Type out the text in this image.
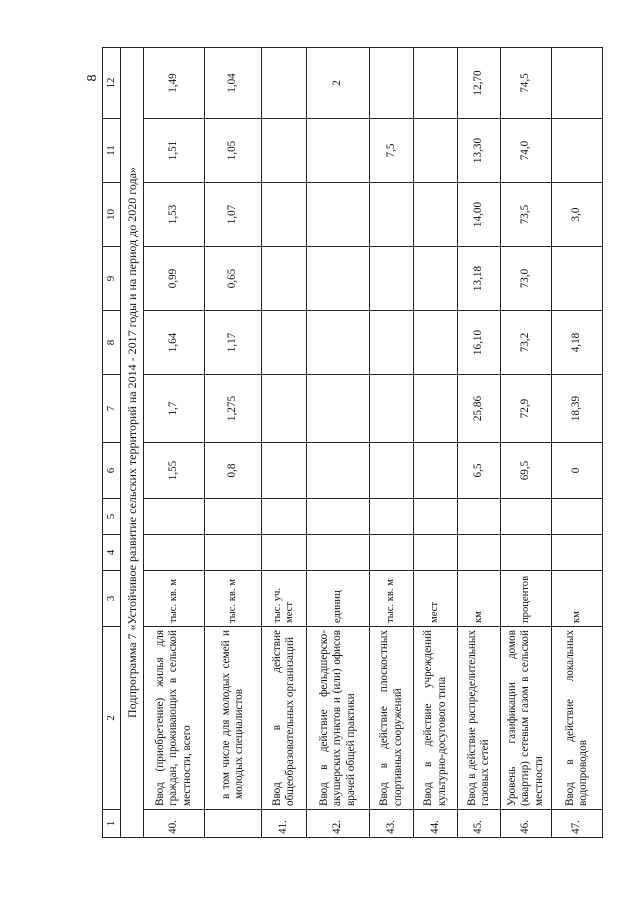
8
1	2	3	4	5	6	7	8	9	10	11	12
Подпрограмма 7 «Устойчивое развитие сельских территорий на 2014 - 2017 годы и на период до 2020 года»											
40.	Ввод (приобретение) жилья для граждан, проживающих в сельской местности, всего	тыс. кв. м			1,55	1,7	1,64	0,99	1,53	1,51	1,49
	в том числе для молодых семей и молодых специалистов	тыс. кв. м			0,8	1,275	1,17	0,65	1,07	1,05	1,04
41.	Ввод в действие общеобразовательных организаций	тыс. уч. мест									
42.	Ввод в действие фельдшерско-акушерских пунктов и (или) офисов врачей общей практики	единиц									2
43.	Ввод в действие плоскостных спортивных сооружений	тыс. кв. м								7,5	
44.	Ввод в действие учреждений культурно-досугового типа	мест									
45.	Ввод в действие распределительных газовых сетей	км			6,5	25,86	16,10	13,18	14,00	13,30	12,70
46.	Уровень газификации домов (квартир) сетевым газом в сельской местности	процентов			69,5	72,9	73,2	73,0	73,5	74,0	74,5
47.	Ввод в действие локальных водопроводов	км			0	18,39	4,18		3,0		
